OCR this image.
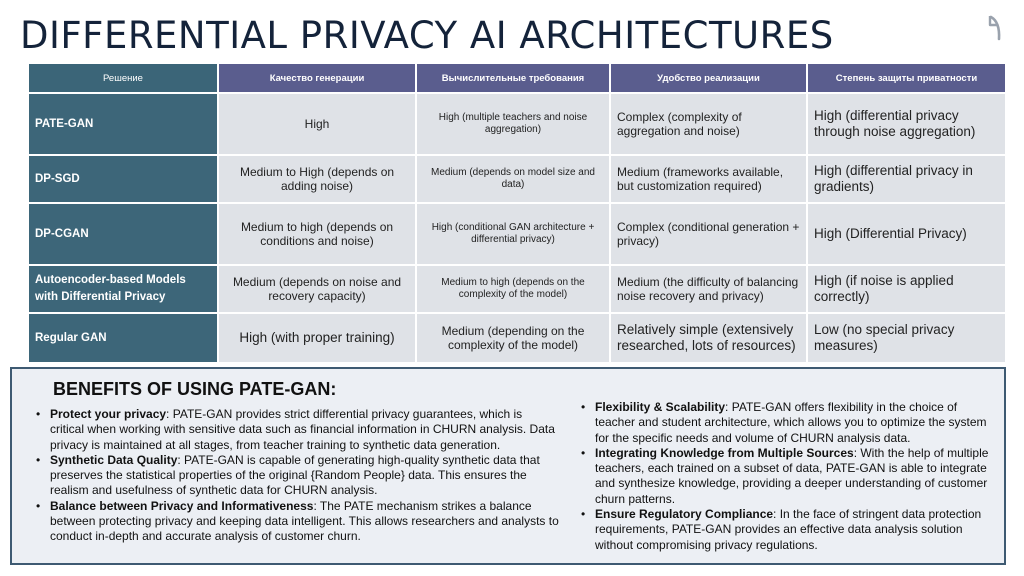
DIFFERENTIAL PRIVACY AI ARCHITECTURES
Решение	Качество генерации	Вычислительные требования	Удобство реализации	Степень защиты приватности
PATE-GAN	High	High (multiple teachers and noise aggregation)	Complex (complexity of aggregation and noise)	High (differential privacy through noise aggregation)
DP-SGD	Medium to High (depends on adding noise)	Medium (depends on model size and data)	Medium (frameworks available, but customization required)	High (differential privacy in gradients)
DP-CGAN	Medium to high (depends on conditions and noise)	High (conditional GAN architecture + differential privacy)	Complex (conditional generation + privacy)	High (Differential Privacy)
Autoencoder-based Models with Differential Privacy	Medium (depends on noise and recovery capacity)	Medium to high (depends on the complexity of the model)	Medium (the difficulty of balancing noise recovery and privacy)	High (if noise is applied correctly)
Regular GAN	High (with proper training)	Medium (depending on the complexity of the model)	Relatively simple (extensively researched, lots of resources)	Low (no special privacy measures)
BENEFITS OF USING PATE-GAN:
• Protect your privacy: PATE-GAN provides strict differential privacy guarantees, which is critical when working with sensitive data such as financial information in CHURN analysis. Data privacy is maintained at all stages, from teacher training to synthetic data generation.
• Synthetic Data Quality: PATE-GAN is capable of generating high-quality synthetic data that preserves the statistical properties of the original {Random People} data. This ensures the realism and usefulness of synthetic data for CHURN analysis.
• Balance between Privacy and Informativeness: The PATE mechanism strikes a balance between protecting privacy and keeping data intelligent. This allows researchers and analysts to conduct in-depth and accurate analysis of customer churn.
• Flexibility & Scalability: PATE-GAN offers flexibility in the choice of teacher and student architecture, which allows you to optimize the system for the specific needs and volume of CHURN analysis data.
• Integrating Knowledge from Multiple Sources: With the help of multiple teachers, each trained on a subset of data, PATE-GAN is able to integrate and synthesize knowledge, providing a deeper understanding of customer churn patterns.
• Ensure Regulatory Compliance: In the face of stringent data protection requirements, PATE-GAN provides an effective data analysis solution without compromising privacy regulations.
